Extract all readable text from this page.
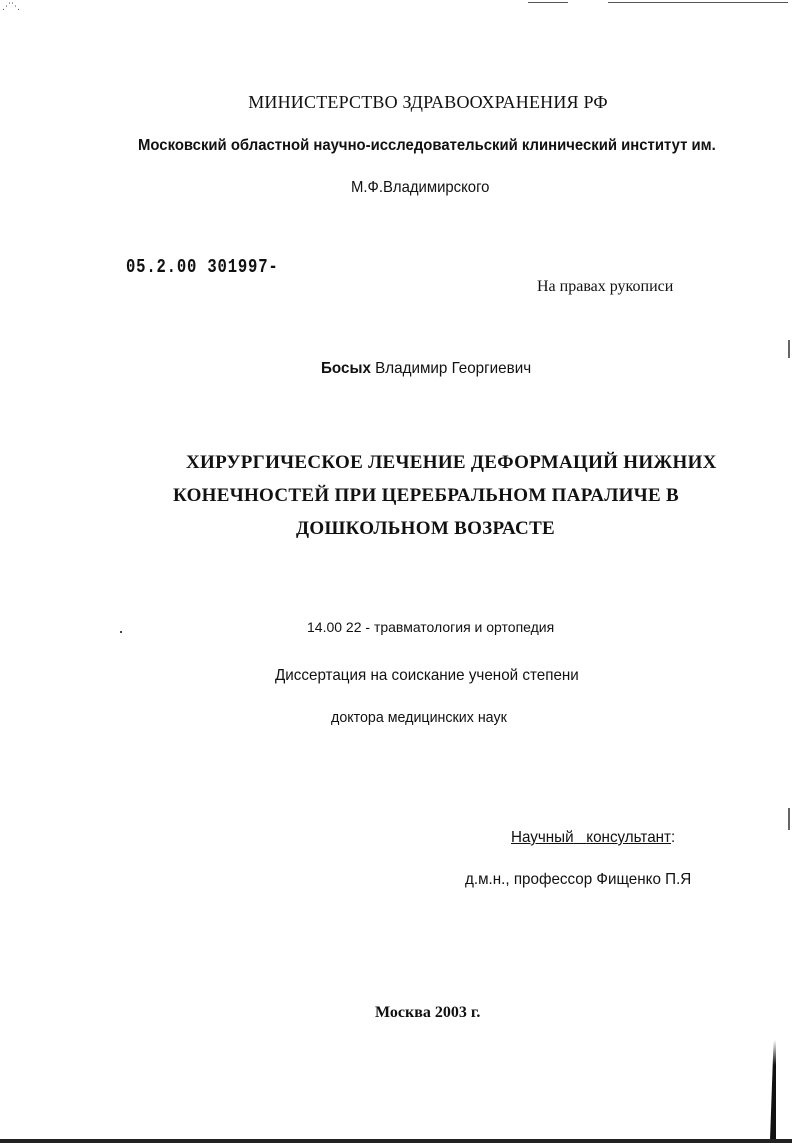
⋰⋱
МИНИСТЕРСТВО ЗДРАВООХРАНЕНИЯ РФ
Московский областной научно-исследовательский клинический институт им.
М.Ф.Владимирского
05.2.00 301997-
На правах рукописи
Босых Владимир Георгиевич
ХИРУРГИЧЕСКОЕ ЛЕЧЕНИЕ ДЕФОРМАЦИЙ НИЖНИХ
КОНЕЧНОСТЕЙ ПРИ ЦЕРЕБРАЛЬНОМ ПАРАЛИЧЕ В
ДОШКОЛЬНОМ ВОЗРАСТЕ
14.00 22 - травматология и ортопедия
Диссертация на соискание ученой степени
доктора медицинских наук
Научный консультант:
д.м.н., профессор Фищенко П.Я
Москва 2003 г.
